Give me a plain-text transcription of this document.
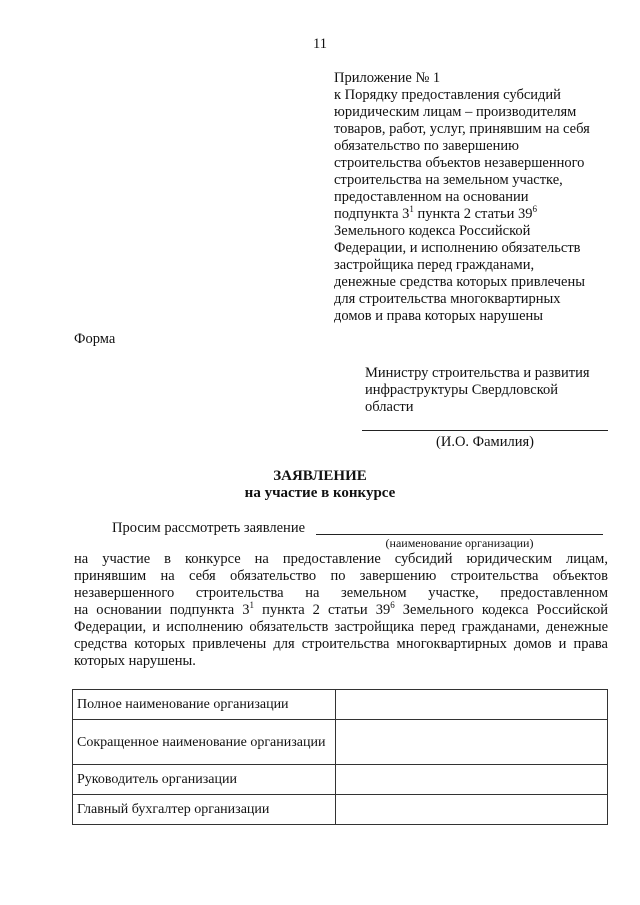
11
Приложение № 1
к Порядку предоставления субсидий
юридическим лицам – производителям
товаров, работ, услуг, принявшим на себя
обязательство по завершению
строительства объектов незавершенного
строительства на земельном участке,
предоставленном на основании
подпункта $3^1$ пункта 2 статьи $39^6$
Земельного кодекса Российской
Федерации, и исполнению обязательств
застройщика перед гражданами,
денежные средства которых привлечены
для строительства многоквартирных
домов и права которых нарушены
Форма
Министру строительства и развития
инфраструктуры Свердловской
области
(И.О. Фамилия)
ЗАЯВЛЕНИЕ
на участие в конкурсе
Просим рассмотреть заявление
(наименование организации)
на участие в конкурсе на предоставление субсидий юридическим лицам,
принявшим на себя обязательство по завершению строительства объектов
незавершенного строительства на земельном участке, предоставленном
на основании подпункта $3^1$ пункта 2 статьи $39^6$ Земельного кодекса Российской
Федерации, и исполнению обязательств застройщика перед гражданами, денежные
средства которых привлечены для строительства многоквартирных домов и права
которых нарушены.
Полное наименование организации	
Сокращенное наименование организации	
Руководитель организации	
Главный бухгалтер организации	
